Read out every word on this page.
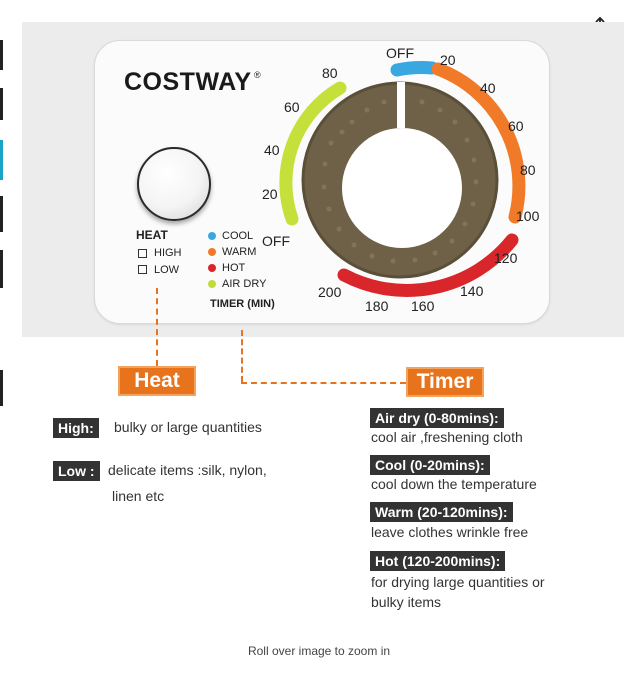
COSTWAY ®
HEAT
HIGH
LOW
COOL
WARM
HOT
AIR DRY
TIMER (MIN)
80
60
40
20
OFF
OFF 20
40
60
80
100
120
140
160
180
200
Heat	Timer
High:	bulky or large quantities
Low : delicate items :silk, nylon,
linen etc
Air dry (0-80mins):
cool air ,freshening cloth
Cool (0-20mins):
cool down the temperature
Warm (20-120mins):
leave clothes wrinkle free
Hot (120-200mins):
for drying large quantities or
bulky items
Roll over image to zoom in
